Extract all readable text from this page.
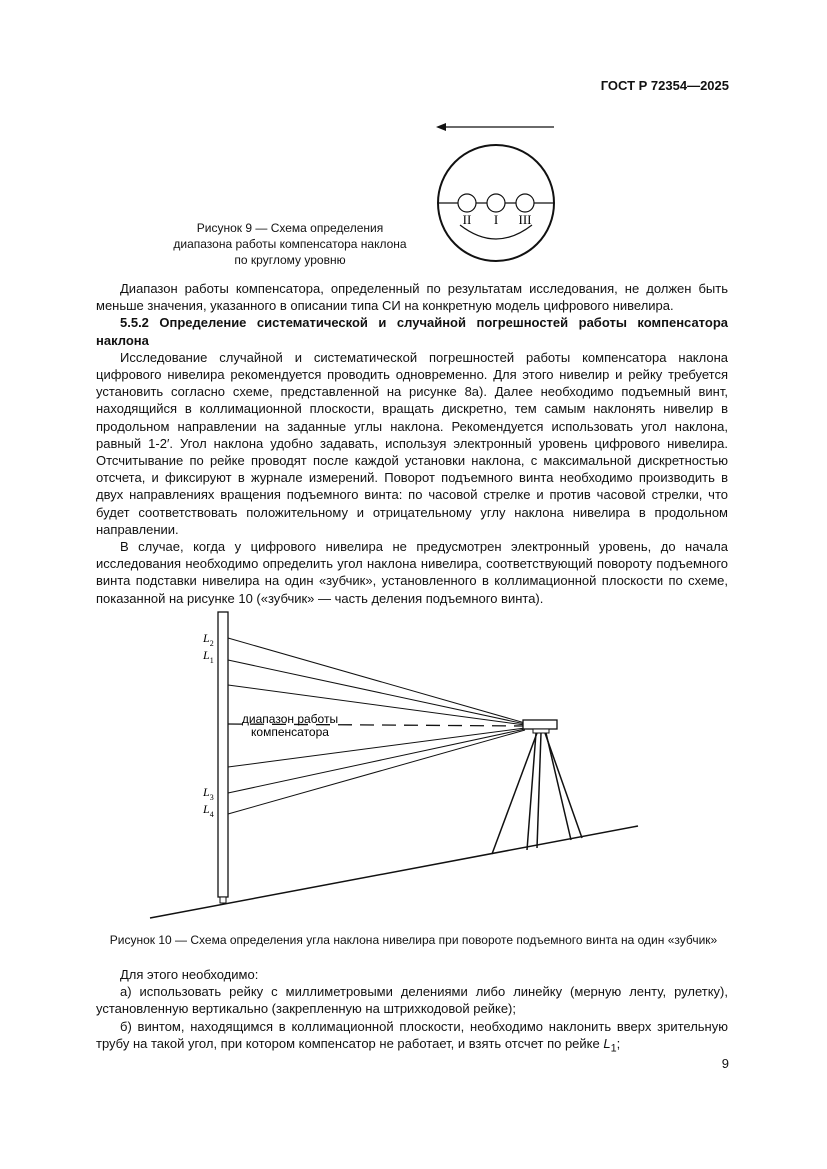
ГОСТ Р 72354—2025
II I III
Рисунок 9 — Схема определения диапазона работы компенсатора наклона по круглому уровню

Диапазон работы компенсатора, определенный по результатам исследования, не должен быть меньше значения, указанного в описании типа СИ на конкретную модель цифрового нивелира.

5.5.2 Определение систематической и случайной погрешностей работы компенсатора наклона

Исследование случайной и систематической погрешностей работы компенсатора наклона цифрового нивелира рекомендуется проводить одновременно. Для этого нивелир и рейку требуется установить согласно схеме, представленной на рисунке 8а). Далее необходимо подъемный винт, находящийся в коллимационной плоскости, вращать дискретно, тем самым наклонять нивелир в продольном направлении на заданные углы наклона. Рекомендуется использовать угол наклона, равный 1-2′. Угол наклона удобно задавать, используя электронный уровень цифрового нивелира. Отсчитывание по рейке проводят после каждой установки наклона, с максимальной дискретностью отсчета, и фиксируют в журнале измерений. Поворот подъемного винта необходимо производить в двух направлениях вращения подъемного винта: по часовой стрелке и против часовой стрелки, что будет соответствовать положительному и отрицательному углу наклона нивелира в продольном направлении.

В случае, когда у цифрового нивелира не предусмотрен электронный уровень, до начала исследования необходимо определить угол наклона нивелира, соответствующий повороту подъемного винта подставки нивелира на один «зубчик», установленного в коллимационной плоскости по схеме, показанной на рисунке 10 («зубчик» — часть деления подъемного винта).

диапазон работы
компенсатора
$L_2$
$L_1$
$L_3$
$L_4$
Рисунок 10 — Схема определения угла наклона нивелира при повороте подъемного винта на один «зубчик»

Для этого необходимо:

а) использовать рейку с миллиметровыми делениями либо линейку (мерную ленту, рулетку), установленную вертикально (закрепленную на штрихкодовой рейке);

б) винтом, находящимся в коллимационной плоскости, необходимо наклонить вверх зрительную трубу на такой угол, при котором компенсатор не работает, и взять отсчет по рейке $L_1$;

9
